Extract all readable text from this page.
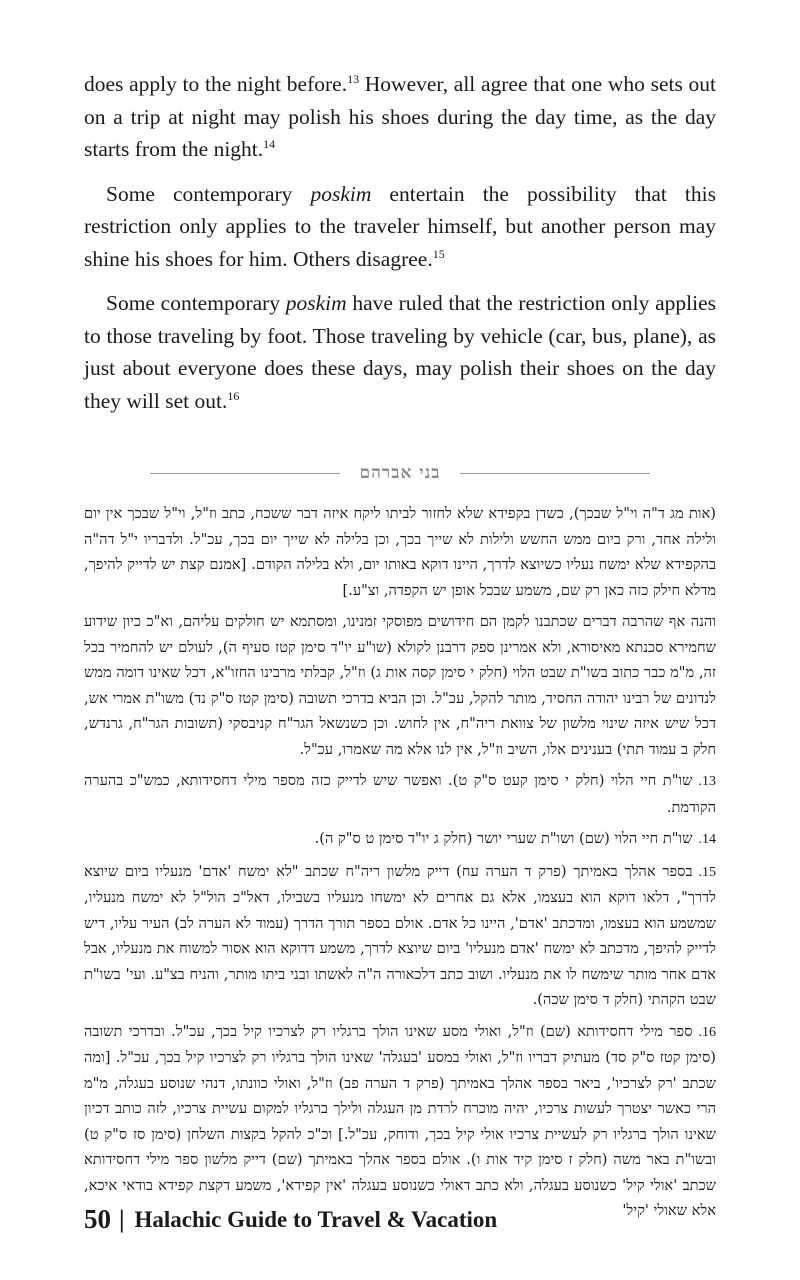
does apply to the night before.$^{13}$ However, all agree that one who sets out on a trip at night may polish his shoes during the day time, as the day starts from the night.$^{14}$

Some contemporary poskim entertain the possibility that this restriction only applies to the traveler himself, but another person may shine his shoes for him. Others disagree.$^{15}$

Some contemporary poskim have ruled that the restriction only applies to those traveling by foot. Those traveling by vehicle (car, bus, plane), as just about everyone does these days, may polish their shoes on the day they will set out.$^{16}$

בני אברהם

(אות מג ד"ה וי"ל שבכך), כשדן בקפידא שלא לחזור לביתו ליקח איזה דבר ששכח, כתב וז"ל, וי"ל שבכך אין יום ולילה אחד, ורק ביום ממש החשש ולילות לא שייך בכך, וכן בלילה לא שייך יום בכך, עכ"ל. ולדבריו י"ל דה"ה בהקפידא שלא ימשח נעליו כשיוצא לדרך, היינו דוקא באותו יום, ולא בלילה הקודם. [אמנם קצת יש לדייק להיפך, מדלא חילק כזה כאן רק שם, משמע שבכל אופן יש הקפדה, וצ"ע.]

והנה אף שהרבה דברים שכתבנו לקמן הם חידושים מפוסקי זמנינו, ומסתמא יש חולקים עליהם, וא"כ כיון שידוע שחמירא סכנתא מאיסורא, ולא אמרינן ספק דרבנן לקולא (שו"ע יו"ד סימן קטז סעיף ה), לעולם יש להחמיר בכל זה, מ"מ כבר כתוב בשו"ת שבט הלוי (חלק י סימן קסה אות ג) וז"ל, קבלתי מרבינו החזו"א, דכל שאינו דומה ממש לנדונים של רבינו יהודה החסיד, מותר להקל, עכ"ל. וכן הביא בדרכי תשובה (סימן קטז ס"ק נד) משו"ת אמרי אש, דכל שיש איזה שינוי מלשון של צוואת ריה"ח, אין לחוש. וכן כשנשאל הגר"ח קניבסקי (תשובות הגר"ח, גרנדש, חלק ב עמוד תתי) בענינים אלו, השיב וז"ל, אין לנו אלא מה שאמרו, עכ"ל.

13.שו"ת חיי הלוי (חלק י סימן קעט ס"ק ט). ואפשר שיש לדייק כזה מספר מילי דחסידותא, כמש"כ בהערה הקודמת.

14.שו"ת חיי הלוי (שם) ושו"ת שערי יושר (חלק ג יו"ד סימן ט ס"ק ה).

15.בספר אהלך באמיתך (פרק ד הערה עח) דייק מלשון ריה"ח שכתב "לא ימשח 'אדם' מנעליו ביום שיוצא לדרך", דלאו דוקא הוא בעצמו, אלא גם אחרים לא ימשחו מנעליו בשבילו, דאל"כ הול"ל לא ימשח מנעליו, שמשמע הוא בעצמו, ומדכתב 'אדם', היינו כל אדם. אולם בספר תורך הדרך (עמוד לא הערה לב) העיר עליו, דיש לדייק להיפך, מדכתב לא ימשח 'אדם מנעליו' ביום שיוצא לדרך, משמע דדוקא הוא אסור למשוח את מנעליו, אבל אדם אחר מותר שימשח לו את מנעליו. ושוב כתב דלכאורה ה"ה לאשתו ובני ביתו מותר, והניח בצ"ע. ועי' בשו"ת שבט הקהתי (חלק ד סימן שכה).

16.ספר מילי דחסידותא (שם) וז"ל, ואולי מסע שאינו הולך ברגליו רק לצרכיו קיל בכך, עכ"ל. ובדרכי תשובה (סימן קטז ס"ק סד) מעתיק דבריו וז"ל, ואולי במסע 'בעגלה' שאינו הולך ברגליו רק לצרכיו קיל בכך, עכ"ל. [ומה שכתב 'רק לצרכיו', ביאר בספר אהלך באמיתך (פרק ד הערה פב) וז"ל, ואולי כוונתו, דנהי שנוסע בעגלה, מ"מ הרי כאשר יצטרך לעשות צרכיו, יהיה מוכרח לרדת מן העגלה ולילך ברגליו למקום עשיית צרכיו, לזה כותב דכיון שאינו הולך ברגליו רק לעשיית צרכיו אולי קיל בכך, ודוחק, עכ"ל.] וכ"כ להקל בקצות השלחן (סימן סז ס"ק ט) ובשו"ת באר משה (חלק ז סימן קיד אות ו). אולם בספר אהלך באמיתך (שם) דייק מלשון ספר מילי דחסידותא שכתב 'אולי קיל' כשנוסע בעגלה, ולא כתב דאולי כשנוסע בעגלה 'אין קפידא', משמע דקצת קפידא בודאי איכא, אלא שאולי 'קיל'

50 | Halachic Guide to Travel & Vacation
